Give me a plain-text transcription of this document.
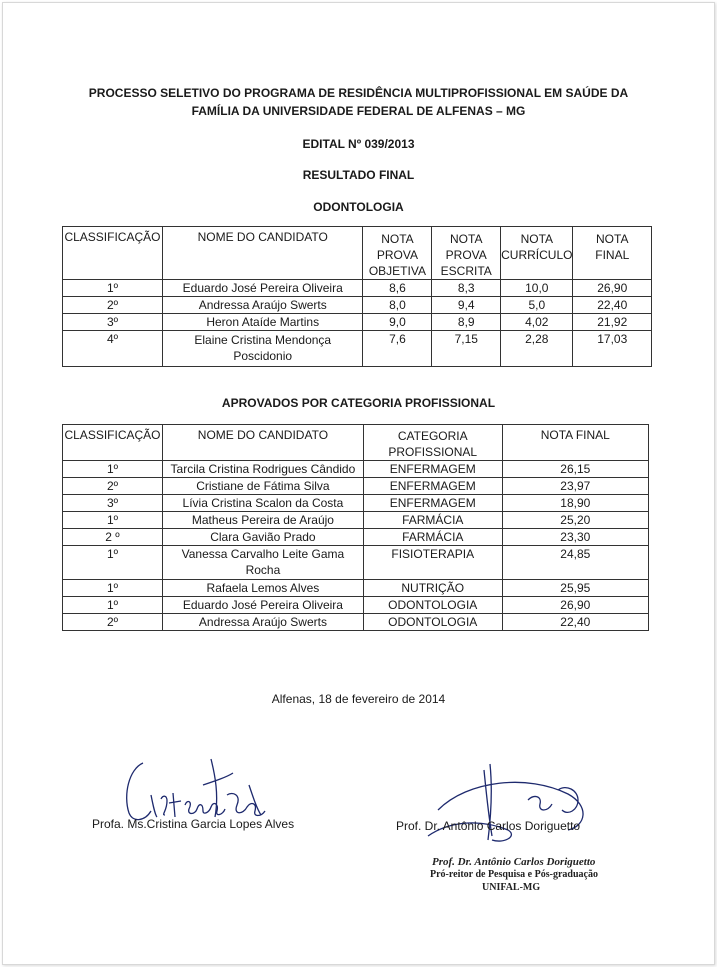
PROCESSO SELETIVO DO PROGRAMA DE RESIDÊNCIA MULTIPROFISSIONAL EM SAÚDE DA
FAMÍLIA DA UNIVERSIDADE FEDERAL DE ALFENAS – MG
EDITAL Nº 039/2013
RESULTADO FINAL
ODONTOLOGIA
CLASSIFICAÇÃO	NOME DO CANDIDATO	NOTA
PROVA
OBJETIVA	NOTA
PROVA
ESCRITA	NOTA
CURRÍCULO	NOTA
FINAL

1º	Eduardo José Pereira Oliveira	8,6	8,3	10,0	26,90
2º	Andressa Araújo Swerts	8,0	9,4	5,0	22,40
3º	Heron Ataíde Martins	9,0	8,9	4,02	21,92
4º	Elaine Cristina Mendonça
Poscidonio	7,6	7,15	2,28	17,03
APROVADOS POR CATEGORIA PROFISSIONAL
CLASSIFICAÇÃO	NOME DO CANDIDATO	CATEGORIA
PROFISSIONAL	NOTA FINAL
1º	Tarcila Cristina Rodrigues Cândido	ENFERMAGEM	26,15
2º	Cristiane de Fátima Silva	ENFERMAGEM	23,97
3º	Lívia Cristina Scalon da Costa	ENFERMAGEM	18,90
1º	Matheus Pereira de Araújo	FARMÁCIA	25,20
2 º	Clara Gavião Prado	FARMÁCIA	23,30
1º	Vanessa Carvalho Leite Gama
Rocha	FISIOTERAPIA	24,85
1º	Rafaela Lemos Alves	NUTRIÇÃO	25,95
1º	Eduardo José Pereira Oliveira	ODONTOLOGIA	26,90
2º	Andressa Araújo Swerts	ODONTOLOGIA	22,40
Alfenas, 18 de fevereiro de 2014
Profa. Ms.Cristina Garcia Lopes Alves	Prof. Dr. Antônio Carlos Doriguetto
Prof. Dr. Antônio Carlos Doriguetto
Pró-reitor de Pesquisa e Pós-graduação
UNIFAL-MG
